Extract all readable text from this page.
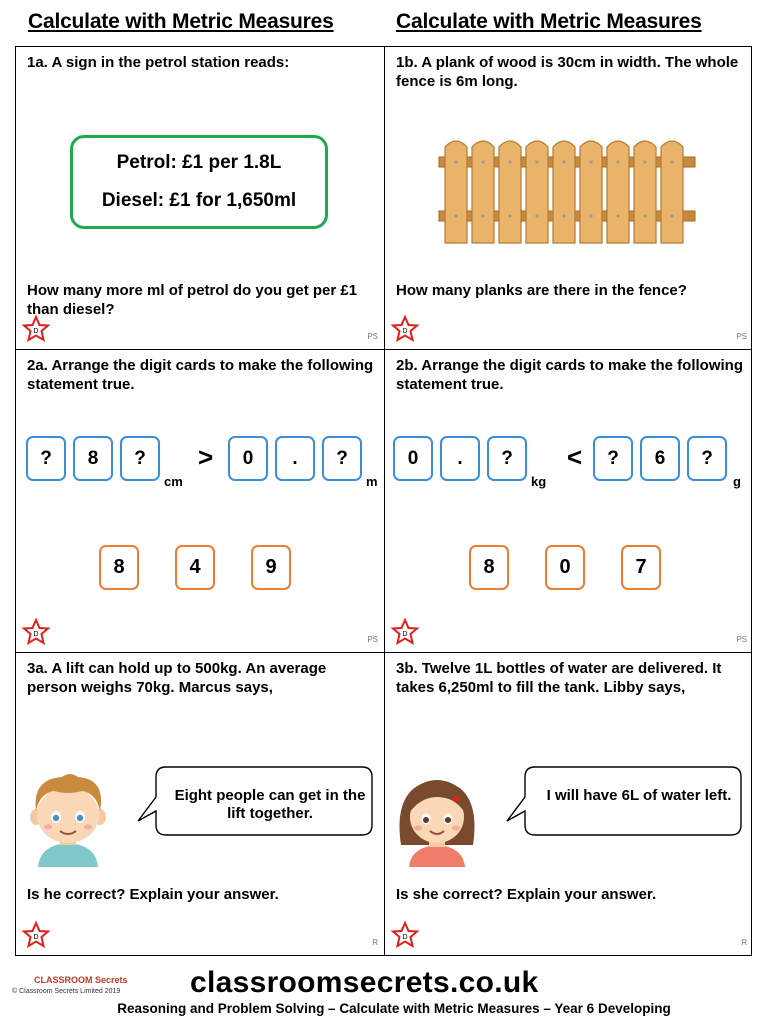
Calculate with Metric Measures	Calculate with Metric Measures
1a. A sign in the petrol station reads:
Petrol: £1 per 1.8L
Diesel: £1 for 1,650ml
How many more ml of petrol do you get per £1 than diesel?
D
PS
1b. A plank of wood is 30cm in width. The whole fence is 6m long.
How many planks are there in the fence?
D
PS
2a. Arrange the digit cards to make the following statement true.
?	8	?
cm
>	0	.	?
m
8	4	9
D
PS
2b. Arrange the digit cards to make the following statement true.
0	.	?
kg
<	?	6	?
g
8	0	7
D
PS
3a. A lift can hold up to 500kg. An average person weighs 70kg. Marcus says,
Eight people can get in the lift together.
Is he correct? Explain your answer.
D
R
3b. Twelve 1L bottles of water are delivered. It takes 6,250ml to fill the tank. Libby says,
I will have 6L of water left.
Is she correct? Explain your answer.
D
R
CLASSROOM Secrets
© Classroom Secrets Limited 2019 classroomsecrets.co.uk
Reasoning and Problem Solving – Calculate with Metric Measures – Year 6 Developing
